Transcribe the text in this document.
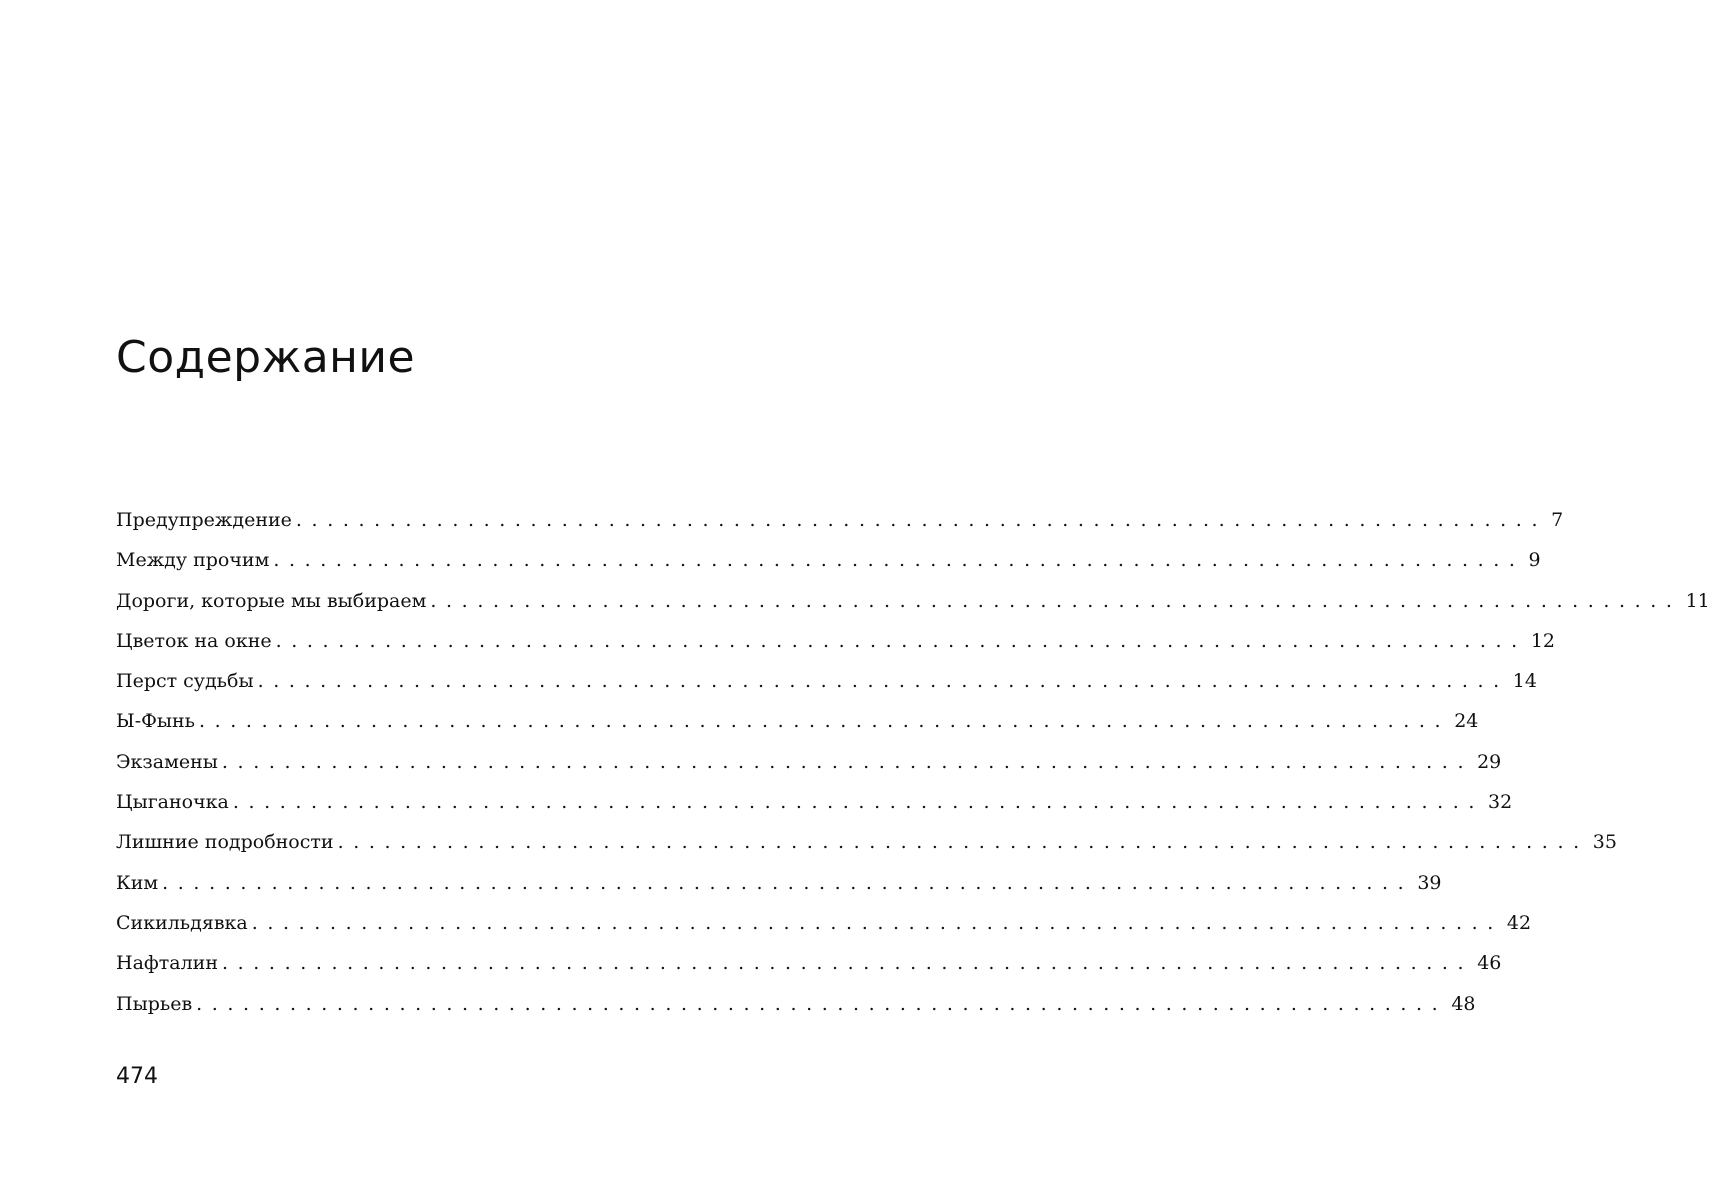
Содержание
Предупреждение ................................................................................ 7
Между прочим ................................................................................ 9
Дороги, которые мы выбираем ................................................................................ 11
Цветок на окне ................................................................................ 12
Перст судьбы ................................................................................ 14
Ы-Фынь ................................................................................ 24
Экзамены ................................................................................ 29
Цыганочка ................................................................................ 32
Лишние подробности ................................................................................ 35
Ким ................................................................................ 39
Сикильдявка ................................................................................ 42
Нафталин ................................................................................ 46
Пырьев ................................................................................ 48
474
